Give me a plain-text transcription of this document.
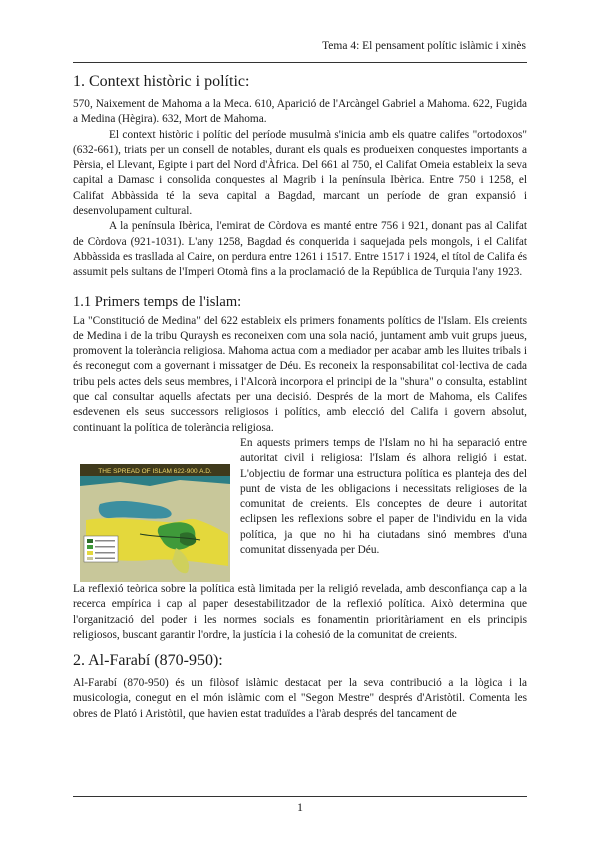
Tema 4: El pensament polític islàmic i xinès
1. Context històric i polític:

570, Naixement de Mahoma a la Meca. 610, Aparició de l'Arcàngel Gabriel a Mahoma. 622, Fugida a Medina (Hègira). 632, Mort de Mahoma.

El context històric i polític del període musulmà s'inicia amb els quatre califes "ortodoxos" (632-661), triats per un consell de notables, durant els quals es produeixen conquestes importants a Pèrsia, el Llevant, Egipte i part del Nord d'Àfrica. Del 661 al 750, el Califat Omeia estableix la seva capital a Damasc i consolida conquestes al Magrib i la península Ibèrica. Entre 750 i 1258, el Califat Abbàssida té la seva capital a Bagdad, marcant un període de gran expansió i desenvolupament cultural.

A la península Ibèrica, l'emirat de Còrdova es manté entre 756 i 921, donant pas al Califat de Còrdova (921-1031). L'any 1258, Bagdad és conquerida i saquejada pels mongols, i el Califat Abbàssida es trasllada al Caire, on perdura entre 1261 i 1517. Entre 1517 i 1924, el títol de Califa és assumit pels sultans de l'Imperi Otomà fins a la proclamació de la República de Turquia l'any 1923.

1.1 Primers temps de l'islam:

La "Constitució de Medina" del 622 estableix els primers fonaments polítics de l'Islam. Els creients de Medina i de la tribu Quraysh es reconeixen com una sola nació, juntament amb vuit grups jueus, promovent la tolerància religiosa. Mahoma actua com a mediador per acabar amb les lluites tribals i és reconegut com a governant i missatger de Déu. Es reconeix la responsabilitat col·lectiva de cada tribu pels actes dels seus membres, i l'Alcorà incorpora el principi de la "shura" o consulta, establint que cal consultar aquells afectats per una decisió. Després de la mort de Mahoma, els Califes esdevenen els seus successors religiosos i polítics, amb elecció del Califa i govern absolut, continuant la política de tolerància religiosa.

THE SPREAD OF ISLAM 622-900 A.D.

En aquests primers temps de l'Islam no hi ha separació entre autoritat civil i religiosa: l'Islam és alhora religió i estat. L'objectiu de formar una estructura política es planteja des del punt de vista de les obligacions i necessitats religioses de la comunitat de creients. Els conceptes de deure i autoritat eclipsen les reflexions sobre el paper de l'individu en la vida política, ja que no hi ha ciutadans sinó membres d'una comunitat dissenyada per Déu.

La reflexió teòrica sobre la política està limitada per la religió revelada, amb desconfiança cap a la recerca empírica i cap al paper desestabilitzador de la reflexió política. Això determina que l'organització del poder i les normes socials es fonamentin prioritàriament en els principis religiosos, buscant garantir l'ordre, la justícia i la cohesió de la comunitat de creients.

2. Al-Farabí (870-950):

Al-Farabí (870-950) és un filòsof islàmic destacat per la seva contribució a la lògica i la musicologia, conegut en el món islàmic com el "Segon Mestre" després d'Aristòtil. Comenta les obres de Plató i Aristòtil, que havien estat traduïdes a l'àrab després del tancament de

1
